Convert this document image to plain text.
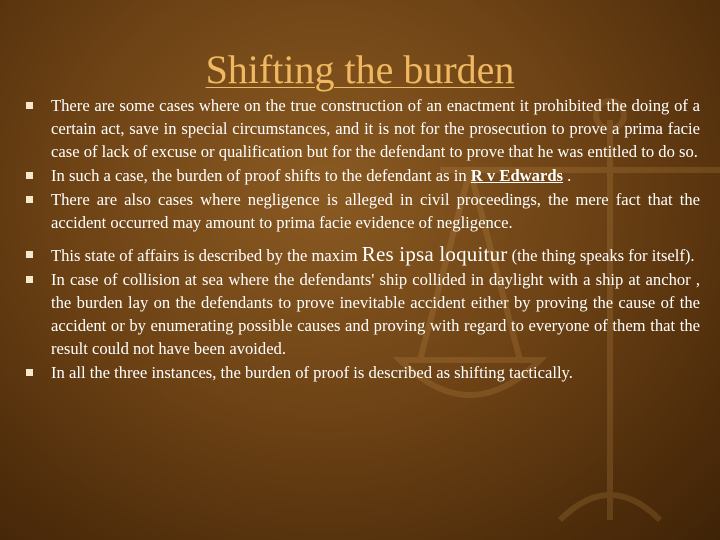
Shifting the burden
There are some cases where on the true construction of an enactment it prohibited the doing of a certain act, save in special circumstances, and it is not for the prosecution to prove a prima facie case of lack of excuse or qualification but for the defendant to prove that he was entitled to do so.
In such a case, the burden of proof shifts to the defendant as in R v Edwards .
There are also cases where negligence is alleged in civil proceedings, the mere fact that the accident occurred may amount to prima facie evidence of negligence.
This state of affairs is described by the maxim Res ipsa loquitur (the thing speaks for itself).
In case of collision at sea where the defendants' ship collided in daylight with a ship at anchor , the burden lay on the defendants to prove inevitable accident either by proving the cause of the accident or by enumerating possible causes and proving with regard to everyone of them that the result could not have been avoided.
In all the three instances, the burden of proof is described as shifting tactically.
